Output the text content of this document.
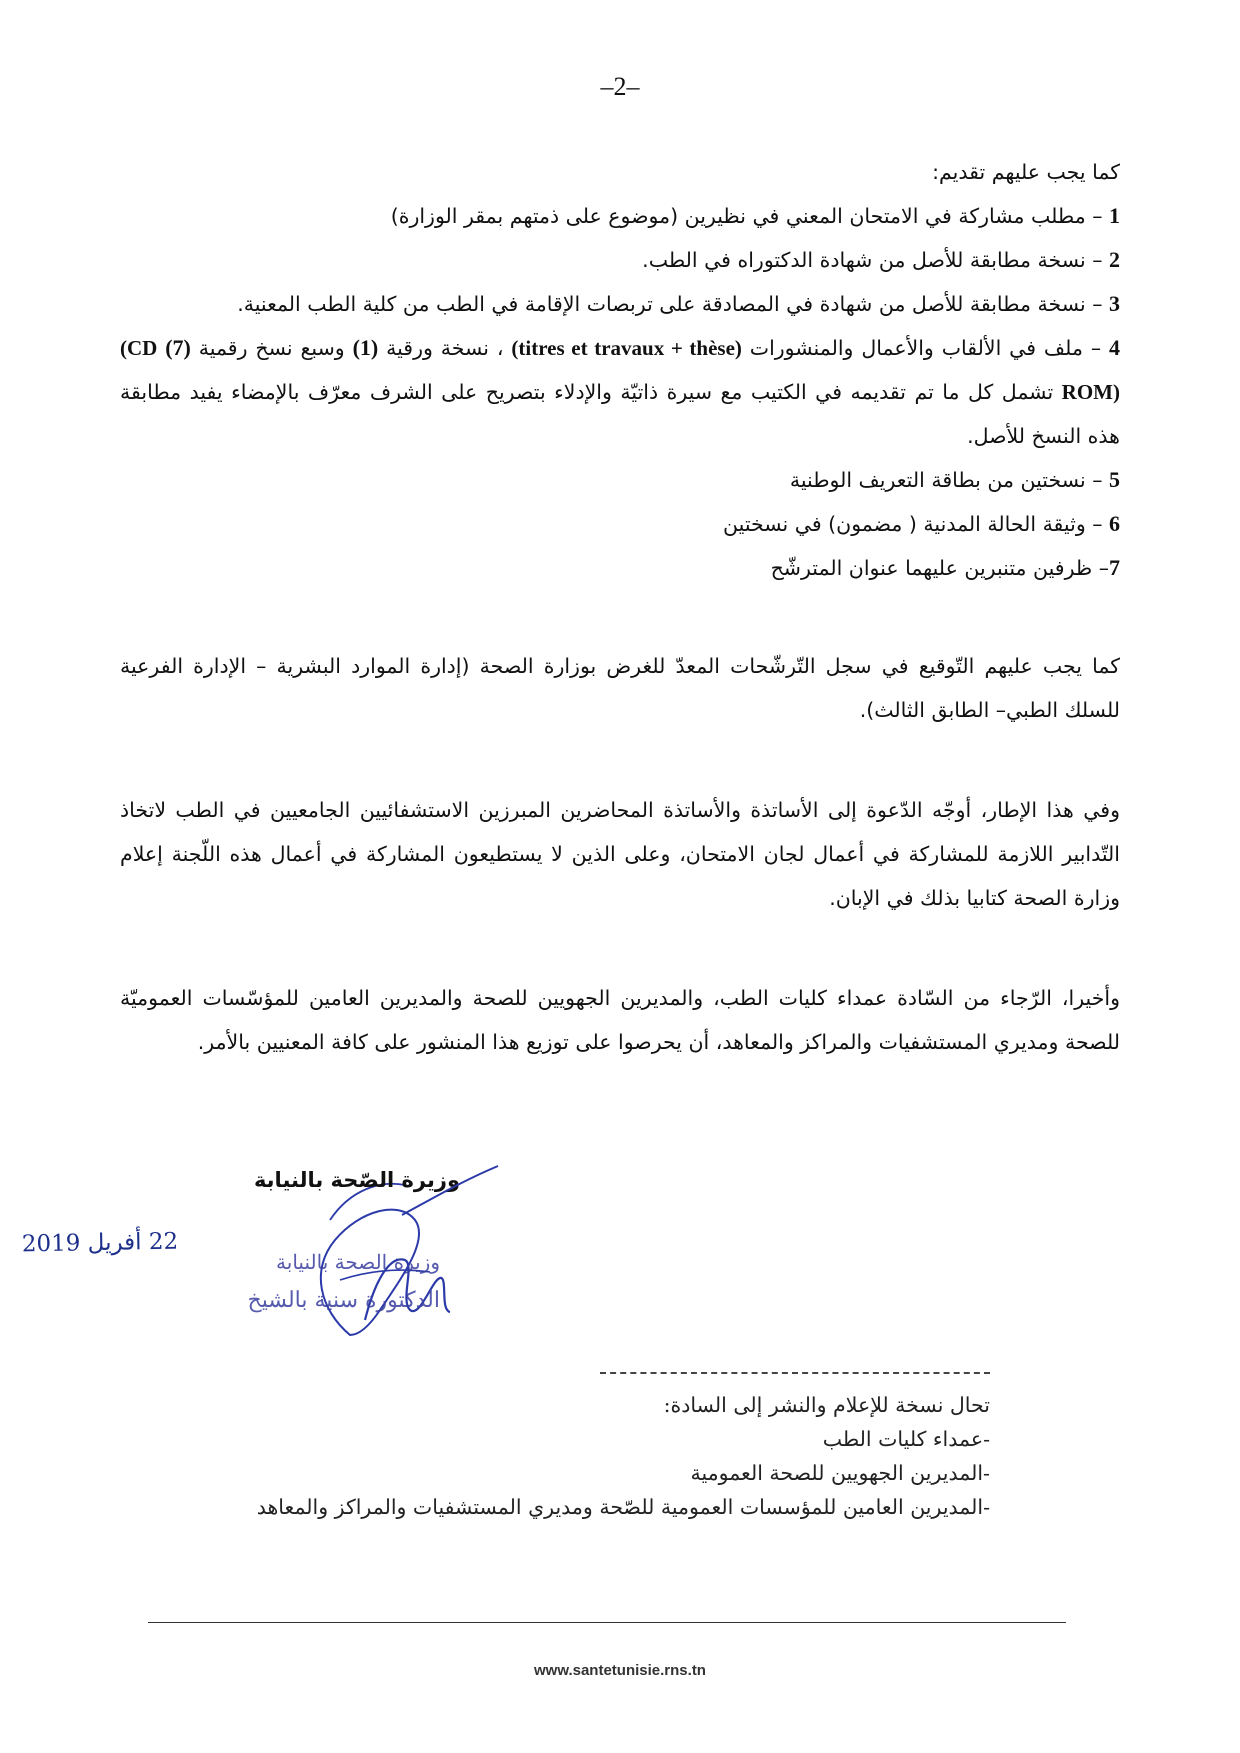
–2–

كما يجب عليهم تقديم:

1 – مطلب مشاركة في الامتحان المعني في نظيرين (موضوع على ذمتهم بمقر الوزارة)
2 – نسخة مطابقة للأصل من شهادة الدكتوراه في الطب.
3 – نسخة مطابقة للأصل من شهادة في المصادقة على تربصات الإقامة في الطب من كلية الطب المعنية.
4 – ملف في الألقاب والأعمال والمنشورات (titres et travaux + thèse) ، نسخة ورقية (1) وسبع نسخ رقمية (7) (CD ROM) تشمل كل ما تم تقديمه في الكتيب مع سيرة ذاتيّة والإدلاء بتصريح على الشرف معرّف بالإمضاء يفيد مطابقة هذه النسخ للأصل.
5 – نسختين من بطاقة التعريف الوطنية
6 – وثيقة الحالة المدنية ( مضمون) في نسختين
7– ظرفين متنبرين عليهما عنوان المترشّح

كما يجب عليهم التّوقيع في سجل التّرشّحات المعدّ للغرض بوزارة الصحة (إدارة الموارد البشرية – الإدارة الفرعية للسلك الطبي– الطابق الثالث).

وفي هذا الإطار، أوجّه الدّعوة إلى الأساتذة والأساتذة المحاضرين المبرزين الاستشفائيين الجامعيين في الطب لاتخاذ التّدابير اللازمة للمشاركة في أعمال لجان الامتحان، وعلى الذين لا يستطيعون المشاركة في أعمال هذه اللّجنة إعلام وزارة الصحة كتابيا بذلك في الإبان.

وأخيرا، الرّجاء من السّادة عمداء كليات الطب، والمديرين الجهويين للصحة والمديرين العامين للمؤسّسات العموميّة للصحة ومديري المستشفيات والمراكز والمعاهد، أن يحرصوا على توزيع هذا المنشور على كافة المعنيين بالأمر.

22 أفريل 2019
وزيرة الصّحة بالنيابة
وزيرة الصحة بالنيابة
الدكتورة سنية بالشيخ
تحال نسخة للإعلام والنشر إلى السادة:
-عمداء كليات الطب
-المديرين الجهويين للصحة العمومية
-المديرين العامين للمؤسسات العمومية للصّحة ومديري المستشفيات والمراكز والمعاهد
www.santetunisie.rns.tn
